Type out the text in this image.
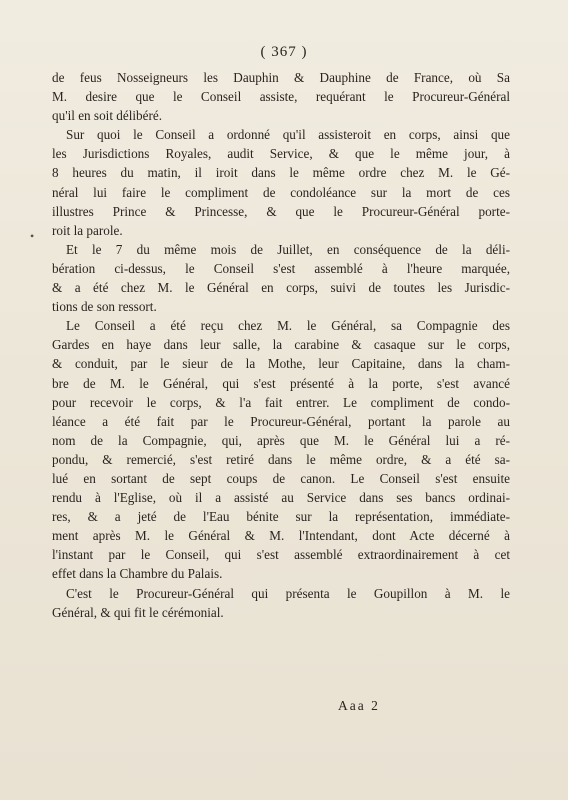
( 367 )
•
de feus Nosseigneurs les Dauphin & Dauphine de France, où Sa
M. desire que le Conseil assiste, requérant le Procureur-Général
qu'il en soit délibéré.
Sur quoi le Conseil a ordonné qu'il assisteroit en corps, ainsi que
les Jurisdictions Royales, audit Service, & que le même jour, à
8 heures du matin, il iroit dans le même ordre chez M. le Gé-
néral lui faire le compliment de condoléance sur la mort de ces
illustres Prince & Princesse, & que le Procureur-Général porte-
roit la parole.
Et le 7 du même mois de Juillet, en conséquence de la déli-
bération ci-dessus, le Conseil s'est assemblé à l'heure marquée,
& a été chez M. le Général en corps, suivi de toutes les Jurisdic-
tions de son ressort.
Le Conseil a été reçu chez M. le Général, sa Compagnie des
Gardes en haye dans leur salle, la carabine & casaque sur le corps,
& conduit, par le sieur de la Mothe, leur Capitaine, dans la cham-
bre de M. le Général, qui s'est présenté à la porte, s'est avancé
pour recevoir le corps, & l'a fait entrer. Le compliment de condo-
léance a été fait par le Procureur-Général, portant la parole au
nom de la Compagnie, qui, après que M. le Général lui a ré-
pondu, & remercié, s'est retiré dans le même ordre, & a été sa-
lué en sortant de sept coups de canon. Le Conseil s'est ensuite
rendu à l'Eglise, où il a assisté au Service dans ses bancs ordinai-
res, & a jeté de l'Eau bénite sur la représentation, immédiate-
ment après M. le Général & M. l'Intendant, dont Acte décerné à
l'instant par le Conseil, qui s'est assemblé extraordinairement à cet
effet dans la Chambre du Palais.
C'est le Procureur-Général qui présenta le Goupillon à M. le
Général, & qui fit le cérémonial.
Aaa 2
